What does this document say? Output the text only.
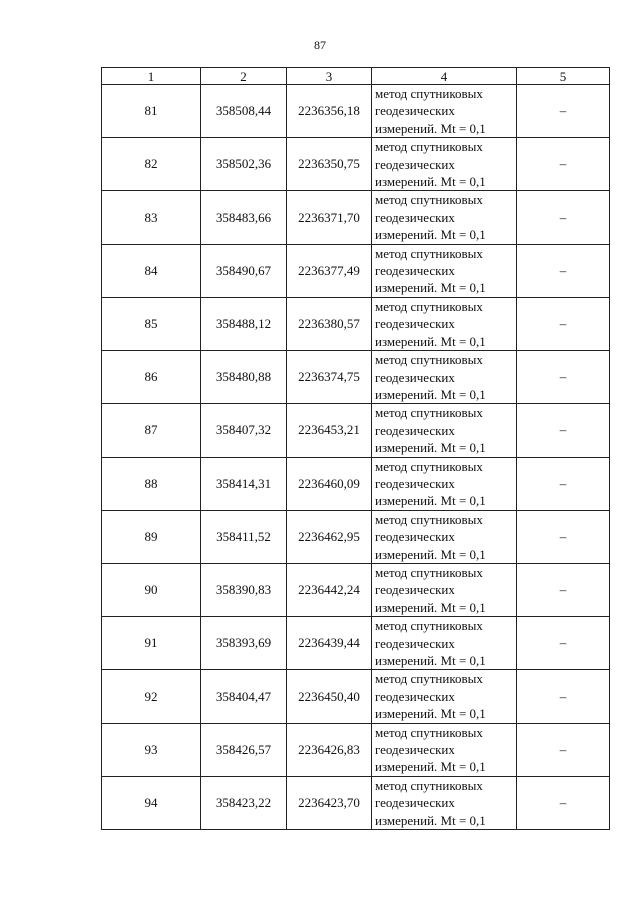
87
1	2	3	4	5
81	358508,44	2236356,18	метод спутниковых
геодезических
измерений. Mt = 0,1	–
82	358502,36	2236350,75	метод спутниковых
геодезических
измерений. Mt = 0,1	–
83	358483,66	2236371,70	метод спутниковых
геодезических
измерений. Mt = 0,1	–
84	358490,67	2236377,49	метод спутниковых
геодезических
измерений. Mt = 0,1	–
85	358488,12	2236380,57	метод спутниковых
геодезических
измерений. Mt = 0,1	–
86	358480,88	2236374,75	метод спутниковых
геодезических
измерений. Mt = 0,1	–
87	358407,32	2236453,21	метод спутниковых
геодезических
измерений. Mt = 0,1	–
88	358414,31	2236460,09	метод спутниковых
геодезических
измерений. Mt = 0,1	–
89	358411,52	2236462,95	метод спутниковых
геодезических
измерений. Mt = 0,1	–
90	358390,83	2236442,24	метод спутниковых
геодезических
измерений. Mt = 0,1	–
91	358393,69	2236439,44	метод спутниковых
геодезических
измерений. Mt = 0,1	–
92	358404,47	2236450,40	метод спутниковых
геодезических
измерений. Mt = 0,1	–
93	358426,57	2236426,83	метод спутниковых
геодезических
измерений. Mt = 0,1	–
94	358423,22	2236423,70	метод спутниковых
геодезических
измерений. Mt = 0,1	–
